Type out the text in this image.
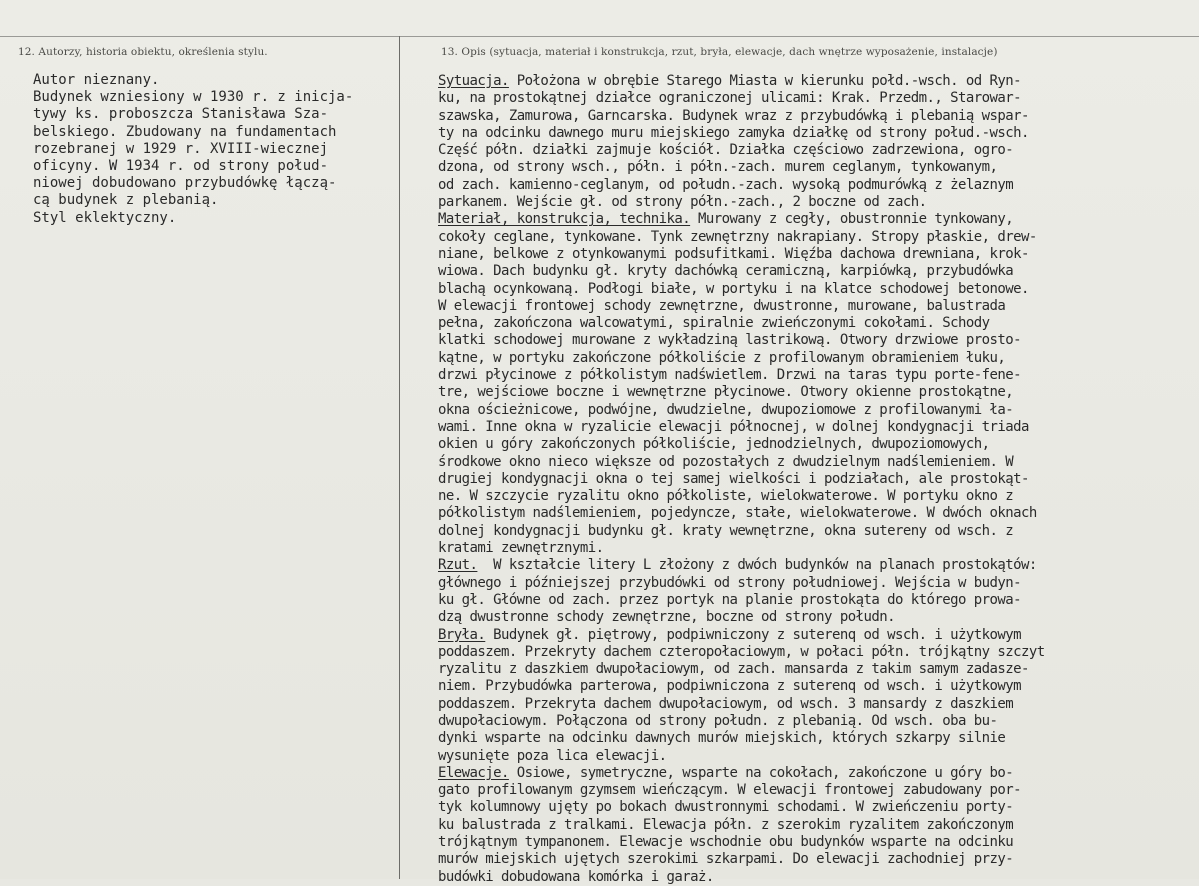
12. Autorzy, historia obiektu, określenia stylu.	13. Opis (sytuacja, materiał i konstrukcja, rzut, bryła, elewacje, dach wnętrze wyposażenie, instalacje)
Autor nieznany.
Budynek wzniesiony w 1930 r. z inicja-
tywy ks. proboszcza Stanisława Sza-
belskiego. Zbudowany na fundamentach
rozebranej w 1929 r. XVIII-wiecznej
oficyny. W 1934 r. od strony połud-
niowej dobudowano przybudówkę łączą-
cą budynek z plebanią.
Styl eklektyczny.
Sytuacja. Położona w obrębie Starego Miasta w kierunku połd.-wsch. od Ryn-
ku, na prostokątnej działce ograniczonej ulicami: Krak. Przedm., Starowar-
szawska, Zamurowa, Garncarska. Budynek wraz z przybudówką i plebanią wspar-
ty na odcinku dawnego muru miejskiego zamyka działkę od strony połud.-wsch.
Część półn. działki zajmuje kościół. Działka częściowo zadrzewiona, ogro-
dzona, od strony wsch., półn. i półn.-zach. murem ceglanym, tynkowanym,
od zach. kamienno-ceglanym, od połudn.-zach. wysoką podmurówką z żelaznym
parkanem. Wejście gł. od strony półn.-zach., 2 boczne od zach.
Materiał, konstrukcja, technika. Murowany z cegły, obustronnie tynkowany,
cokoły ceglane, tynkowane. Tynk zewnętrzny nakrapiany. Stropy płaskie, drew-
niane, belkowe z otynkowanymi podsufitkami. Więźba dachowa drewniana, krok-
wiowa. Dach budynku gł. kryty dachówką ceramiczną, karpiówką, przybudówka
blachą ocynkowaną. Podłogi białe, w portyku i na klatce schodowej betonowe.
W elewacji frontowej schody zewnętrzne, dwustronne, murowane, balustrada
pełna, zakończona walcowatymi, spiralnie zwieńczonymi cokołami. Schody
klatki schodowej murowane z wykładziną lastrikową. Otwory drzwiowe prosto-
kątne, w portyku zakończone półkoliście z profilowanym obramieniem łuku,
drzwi płycinowe z półkolistym nadświetlem. Drzwi na taras typu porte-fene-
tre, wejściowe boczne i wewnętrzne płycinowe. Otwory okienne prostokątne,
okna ościeżnicowe, podwójne, dwudzielne, dwupoziomowe z profilowanymi ła-
wami. Inne okna w ryzalicie elewacji północnej, w dolnej kondygnacji triada
okien u góry zakończonych półkoliście, jednodzielnych, dwupoziomowych,
środkowe okno nieco większe od pozostałych z dwudzielnym nadślemieniem. W
drugiej kondygnacji okna o tej samej wielkości i podziałach, ale prostokąt-
ne. W szczycie ryzalitu okno półkoliste, wielokwaterowe. W portyku okno z
półkolistym nadślemieniem, pojedyncze, stałe, wielokwaterowe. W dwóch oknach
dolnej kondygnacji budynku gł. kraty wewnętrzne, okna sutereny od wsch. z
kratami zewnętrznymi.
Rzut.  W kształcie litery L złożony z dwóch budynków na planach prostokątów:
głównego i późniejszej przybudówki od strony południowej. Wejścia w budyn-
ku gł. Główne od zach. przez portyk na planie prostokąta do którego prowa-
dzą dwustronne schody zewnętrzne, boczne od strony połudn.
Bryła. Budynek gł. piętrowy, podpiwniczony z suterenq od wsch. i użytkowym
poddaszem. Przekryty dachem czteropołaciowym, w połaci półn. trójkątny szczyt
ryzalitu z daszkiem dwupołaciowym, od zach. mansarda z takim samym zadasze-
niem. Przybudówka parterowa, podpiwniczona z suterenq od wsch. i użytkowym
poddaszem. Przekryta dachem dwupołaciowym, od wsch. 3 mansardy z daszkiem
dwupołaciowym. Połączona od strony połudn. z plebanią. Od wsch. oba bu-
dynki wsparte na odcinku dawnych murów miejskich, których szkarpy silnie
wysunięte poza lica elewacji.
Elewacje. Osiowe, symetryczne, wsparte na cokołach, zakończone u góry bo-
gato profilowanym gzymsem wieńczącym. W elewacji frontowej zabudowany por-
tyk kolumnowy ujęty po bokach dwustronnymi schodami. W zwieńczeniu porty-
ku balustrada z tralkami. Elewacja półn. z szerokim ryzalitem zakończonym
trójkątnym tympanonem. Elewacje wschodnie obu budynków wsparte na odcinku
murów miejskich ujętych szerokimi szkarpami. Do elewacji zachodniej przy-
budówki dobudowana komórka i garaż.
